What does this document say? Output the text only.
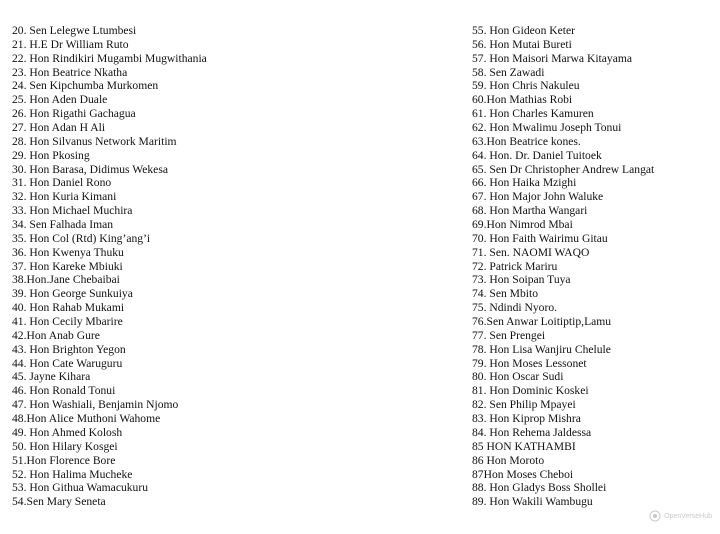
20. Sen Lelegwe Ltumbesi
21. H.E Dr William Ruto
22. Hon Rindikiri Mugambi Mugwithania
23. Hon Beatrice Nkatha
24. Sen Kipchumba Murkomen
25. Hon Aden Duale
26. Hon Rigathi Gachagua
27. Hon Adan H Ali
28. Hon Silvanus Network Maritim
29. Hon Pkosing
30. Hon Barasa, Didimus Wekesa
31. Hon Daniel Rono
32. Hon Kuria Kimani
33. Hon Michael Muchira
34. Sen Falhada Iman
35. Hon Col (Rtd) King’ang’i
36. Hon Kwenya Thuku
37. Hon Kareke Mbiuki
38.Hon.Jane Chebaibai
39. Hon George Sunkuiya
40. Hon Rahab Mukami
41. Hon Cecily Mbarire
42.Hon Anab Gure
43. Hon Brighton Yegon
44. Hon Cate Waruguru
45. Jayne Kihara
46. Hon Ronald Tonui
47. Hon Washiali, Benjamin Njomo
48.Hon Alice Muthoni Wahome
49. Hon Ahmed Kolosh
50. Hon Hilary Kosgei
51.Hon Florence Bore
52. Hon Halima Mucheke
53. Hon Githua Wamacukuru
54.Sen Mary Seneta
55. Hon Gideon Keter
56. Hon Mutai Bureti
57. Hon Maisori Marwa Kitayama
58. Sen Zawadi
59. Hon Chris Nakuleu
60.Hon Mathias Robi
61. Hon Charles Kamuren
62. Hon Mwalimu Joseph Tonui
63.Hon Beatrice kones.
64. Hon. Dr. Daniel Tuitoek
65. Sen Dr Christopher Andrew Langat
66. Hon Haika Mzighi
67. Hon Major John Waluke
68. Hon Martha Wangari
69.Hon Nimrod Mbai
70. Hon Faith Wairimu Gitau
71. Sen. NAOMI WAQO
72. Patrick Mariru
73. Hon Soipan Tuya
74. Sen Mbito
75. Ndindi Nyoro.
76.Sen Anwar Loitiptip,Lamu
77. Sen Prengei
78. Hon Lisa Wanjiru Chelule
79. Hon Moses Lessonet
80. Hon Oscar Sudi
81. Hon Dominic Koskei
82. Sen Philip Mpayei
83. Hon Kiprop Mishra
84. Hon Rehema Jaldessa
85 HON KATHAMBI
86 Hon Moroto
87Hon Moses Cheboi
88. Hon Gladys Boss Shollei
89. Hon Wakili Wambugu
OpenVerseHub
